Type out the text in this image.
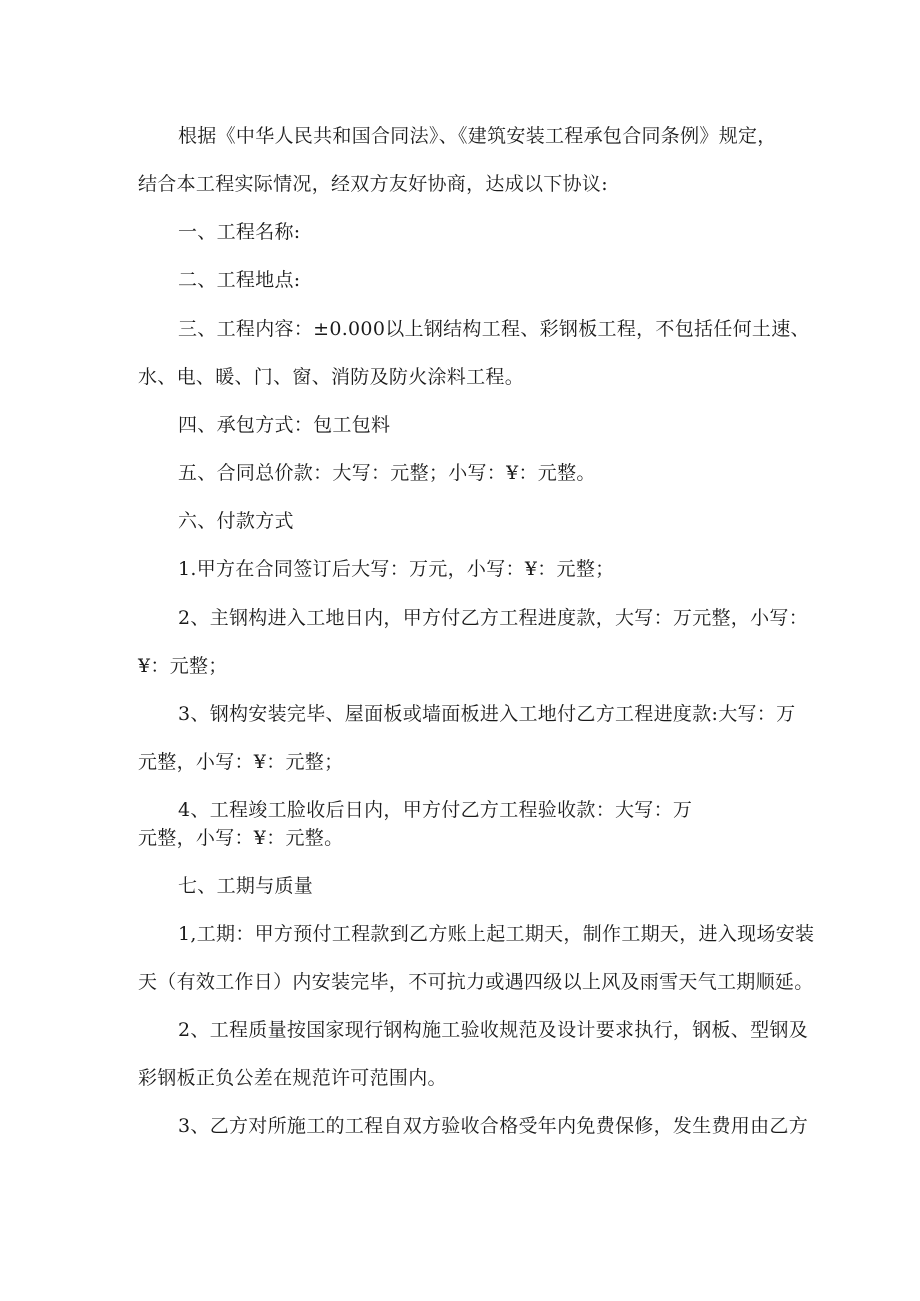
根据《中华人民共和国合同法》、《建筑安装工程承包合同条例》规定，
结合本工程实际情况，经双方友好协商，达成以下协议:
一、工程名称:
二、工程地点:
三、工程内容：±0.000以上钢结构工程、彩钢板工程，不包括任何土速、
水、电、暖、门、窗、消防及防火涂料工程。
四、承包方式：包工包料
五、合同总价款：大写：元整；小写：¥：元整。
六、付款方式
1.甲方在合同签订后大写：万元，小写：¥：元整；
2、主钢构进入工地日内，甲方付乙方工程进度款，大写：万元整，小写：
¥：元整；
3、钢构安装完毕、屋面板或墙面板进入工地付乙方工程进度款:大写：万
元整，小写：¥：元整；
4、工程竣工脸收后日内，甲方付乙方工程验收款：大写：万
元整，小写：¥：元整。
七、工期与质量
1,工期：甲方预付工程款到乙方账上起工期天，制作工期天，进入现场安装
天（有效工作日）内安装完毕，不可抗力或遇四级以上风及雨雪天气工期顺延。
2、工程质量按国家现行钢构施工验收规范及设计要求执行，钢板、型钢及
彩钢板正负公差在规范许可范围内。
3、乙方对所施工的工程自双方验收合格受年内免费保修，发生费用由乙方
